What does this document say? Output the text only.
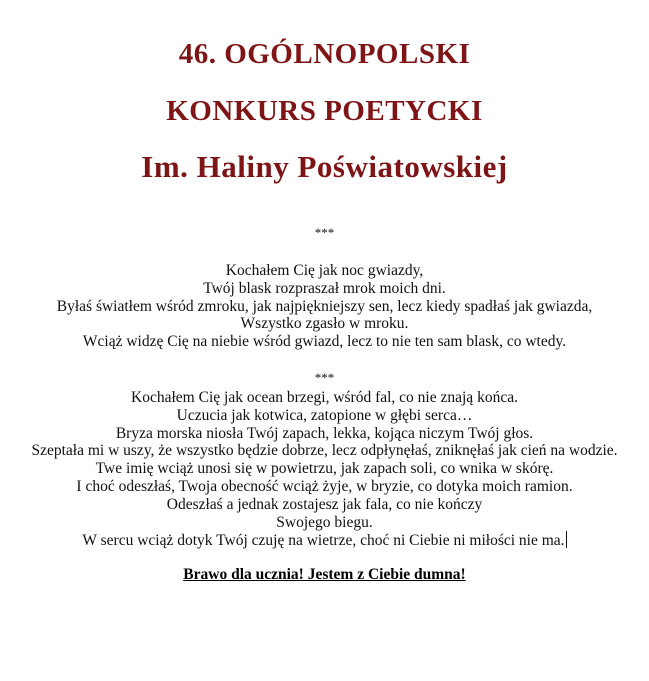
46. OGÓLNOPOLSKI
KONKURS POETYCKI
Im. Haliny Poświatowskiej
***
Kochałem Cię jak noc gwiazdy,
Twój blask rozpraszał mrok moich dni.
Byłaś światłem wśród zmroku, jak najpiękniejszy sen, lecz kiedy spadłaś jak gwiazda,
Wszystko zgasło w mroku.
Wciąż widzę Cię na niebie wśród gwiazd, lecz to nie ten sam blask, co wtedy.
***
Kochałem Cię jak ocean brzegi, wśród fal, co nie znają końca.
Uczucia jak kotwica, zatopione w głębi serca…
Bryza morska niosła Twój zapach, lekka, kojąca niczym Twój głos.
Szeptała mi w uszy, że wszystko będzie dobrze, lecz odpłynęłaś, zniknęłaś jak cień na wodzie.
Twe imię wciąż unosi się w powietrzu, jak zapach soli, co wnika w skórę.
I choć odeszłaś, Twoja obecność wciąż żyje, w bryzie, co dotyka moich ramion.
Odeszłaś a jednak zostajesz jak fala, co nie kończy
Swojego biegu.
W sercu wciąż dotyk Twój czuję na wietrze, choć ni Ciebie ni miłości nie ma.
Brawo dla ucznia! Jestem z Ciebie dumna!
